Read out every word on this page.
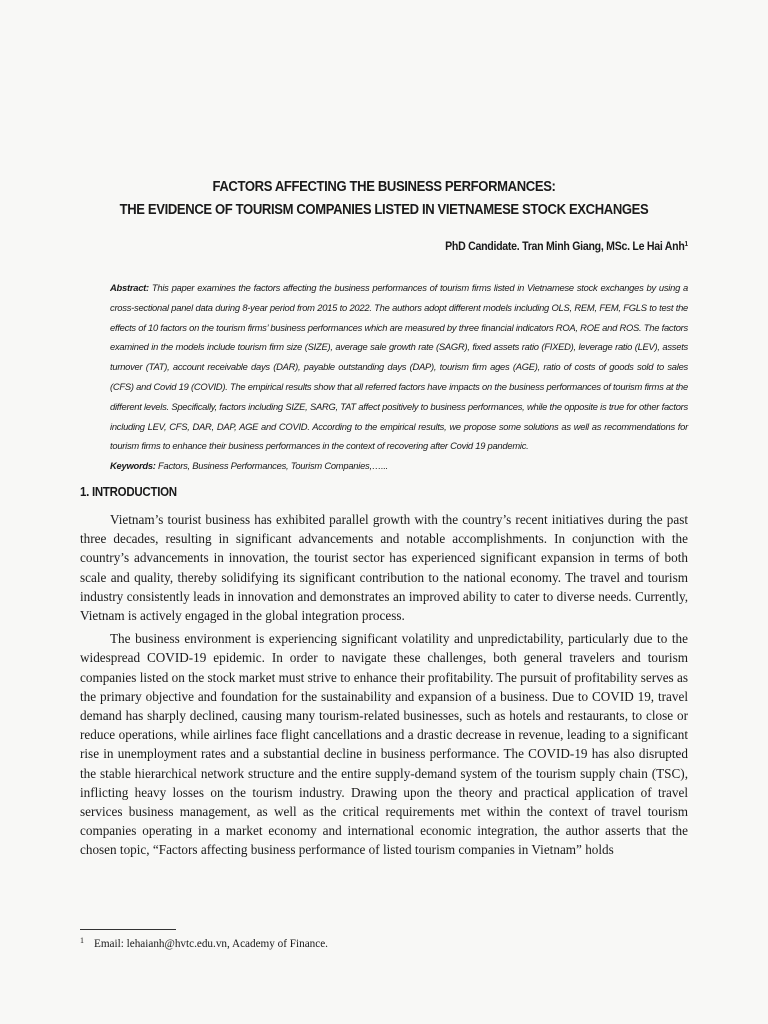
FACTORS AFFECTING THE BUSINESS PERFORMANCES:
THE EVIDENCE OF TOURISM COMPANIES LISTED IN VIETNAMESE STOCK EXCHANGES
PhD Candidate. Tran Minh Giang, MSc. Le Hai Anh$^1$
Abstract: This paper examines the factors affecting the business performances of tourism firms listed in Vietnamese stock exchanges by using a cross-sectional panel data during 8-year period from 2015 to 2022. The authors adopt different models including OLS, REM, FEM, FGLS to test the effects of 10 factors on the tourism firms’ business performances which are measured by three financial indicators ROA, ROE and ROS. The factors examined in the models include tourism firm size (SIZE), average sale growth rate (SAGR), fixed assets ratio (FIXED), leverage ratio (LEV), assets turnover (TAT), account receivable days (DAR), payable outstanding days (DAP), tourism firm ages (AGE), ratio of costs of goods sold to sales (CFS) and Covid 19 (COVID). The empirical results show that all referred factors have impacts on the business performances of tourism firms at the different levels. Specifically, factors including SIZE, SARG, TAT affect positively to business performances, while the opposite is true for other factors including LEV, CFS, DAR, DAP, AGE and COVID. According to the empirical results, we propose some solutions as well as recommendations for tourism firms to enhance their business performances in the context of recovering after Covid 19 pandemic.
Keywords: Factors, Business Performances, Tourism Companies,…...
1. INTRODUCTION

Vietnam’s tourist business has exhibited parallel growth with the country’s recent initiatives during the past three decades, resulting in significant advancements and notable accomplishments. In conjunction with the country’s advancements in innovation, the tourist sector has experienced significant expansion in terms of both scale and quality, thereby solidifying its significant contribution to the national economy. The travel and tourism industry consistently leads in innovation and demonstrates an improved ability to cater to diverse needs. Currently, Vietnam is actively engaged in the global integration process.

The business environment is experiencing significant volatility and unpredictability, particularly due to the widespread COVID-19 epidemic. In order to navigate these challenges, both general travelers and tourism companies listed on the stock market must strive to enhance their profitability. The pursuit of profitability serves as the primary objective and foundation for the sustainability and expansion of a business. Due to COVID 19, travel demand has sharply declined, causing many tourism-related businesses, such as hotels and restaurants, to close or reduce operations, while airlines face flight cancellations and a drastic decrease in revenue, leading to a significant rise in unemployment rates and a substantial decline in business performance. The COVID-19 has also disrupted the stable hierarchical network structure and the entire supply-demand system of the tourism supply chain (TSC), inflicting heavy losses on the tourism industry. Drawing upon the theory and practical application of travel services business management, as well as the critical requirements met within the context of travel tourism companies operating in a market economy and international economic integration, the author asserts that the chosen topic, “Factors affecting business performance of listed tourism companies in Vietnam” holds

$^1$ Email: lehaianh@hvtc.edu.vn, Academy of Finance.
